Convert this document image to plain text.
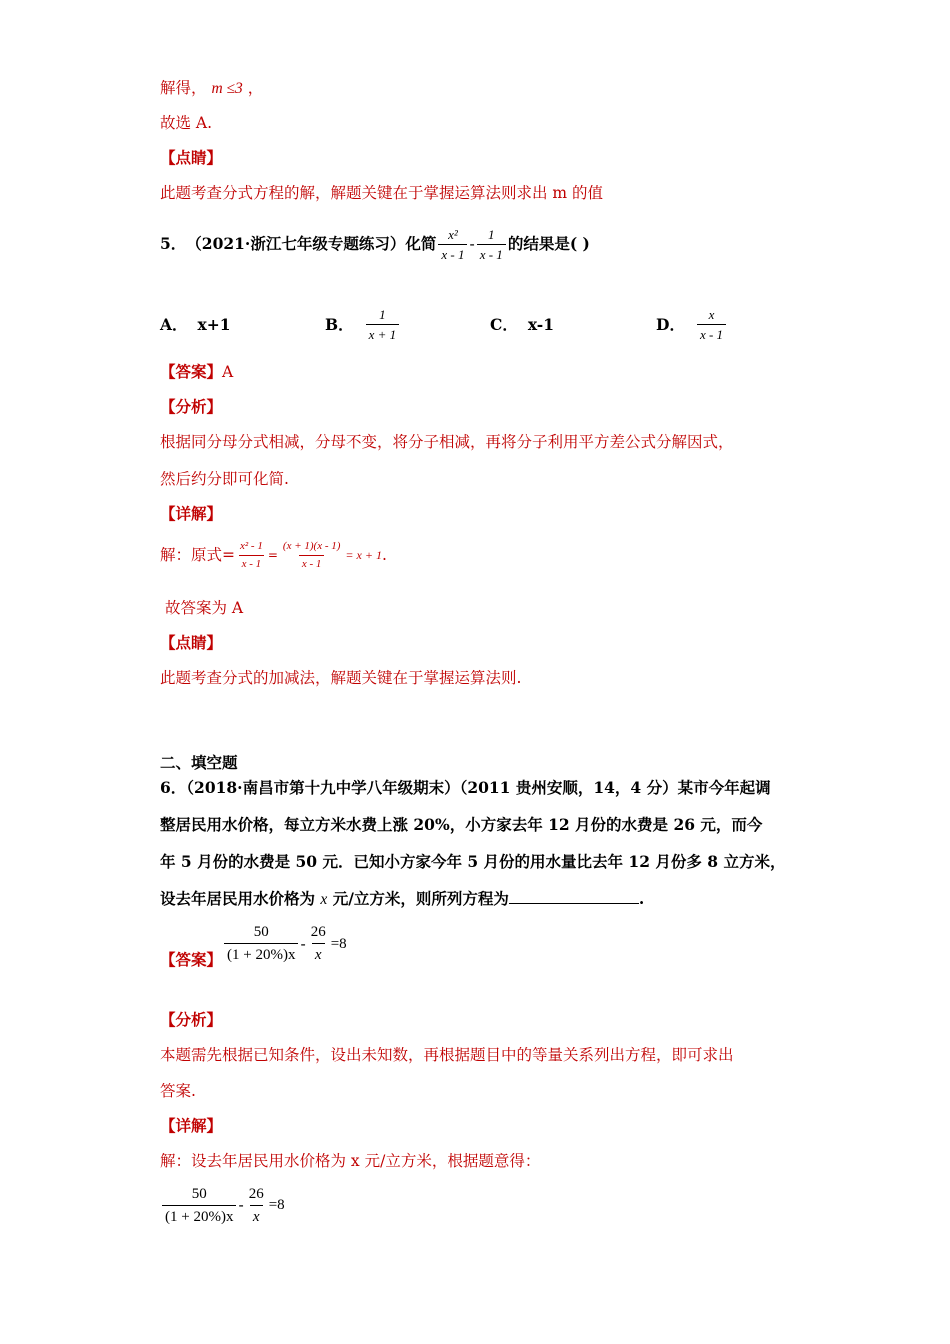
解得， m ≤3 ，
故选 A.
【点睛】
此题考查分式方程的解，解题关键在于掌握运算法则求出 m 的值
5． （2021·浙江七年级专题练习）化简 $\frac{\text{x²}}{x - 1} - \frac{1}{x - 1}$ 的结果是( )
A． x+1	B． $\frac{1}{x + 1}$	C． x-1	D． $\frac{x}{x - 1}$
【答案】A
【分析】
根据同分母分式相减，分母不变，将分子相减，再将分子利用平方差公式分解因式，
然后约分即可化简.
【详解】
解：原式= $\frac{\text{x² - 1}}{x - 1} = \frac{(x + 1)(x - 1)}{x - 1} = x + 1$ .
故答案为 A
【点睛】
此题考查分式的加减法，解题关键在于掌握运算法则.
二、填空题
6．（2018·南昌市第十九中学八年级期末）（2011 贵州安顺，14，4 分）某市今年起调
整居民用水价格，每立方米水费上涨 20%，小方家去年 12 月份的水费是 26 元，而今
年 5 月份的水费是 50 元．已知小方家今年 5 月份的用水量比去年 12 月份多 8 立方米，
设去年居民用水价格为 x 元/立方米，则所列方程为	.
【答案】 $\frac{50}{(1 + 20\%)x} - \frac{26}{x} =8$
【分析】
本题需先根据已知条件，设出未知数，再根据题目中的等量关系列出方程，即可求出
答案.
【详解】
解：设去年居民用水价格为 x 元/立方米，根据题意得：
$\frac{50}{(1 + 20\%)x} - \frac{26}{x} =8$
